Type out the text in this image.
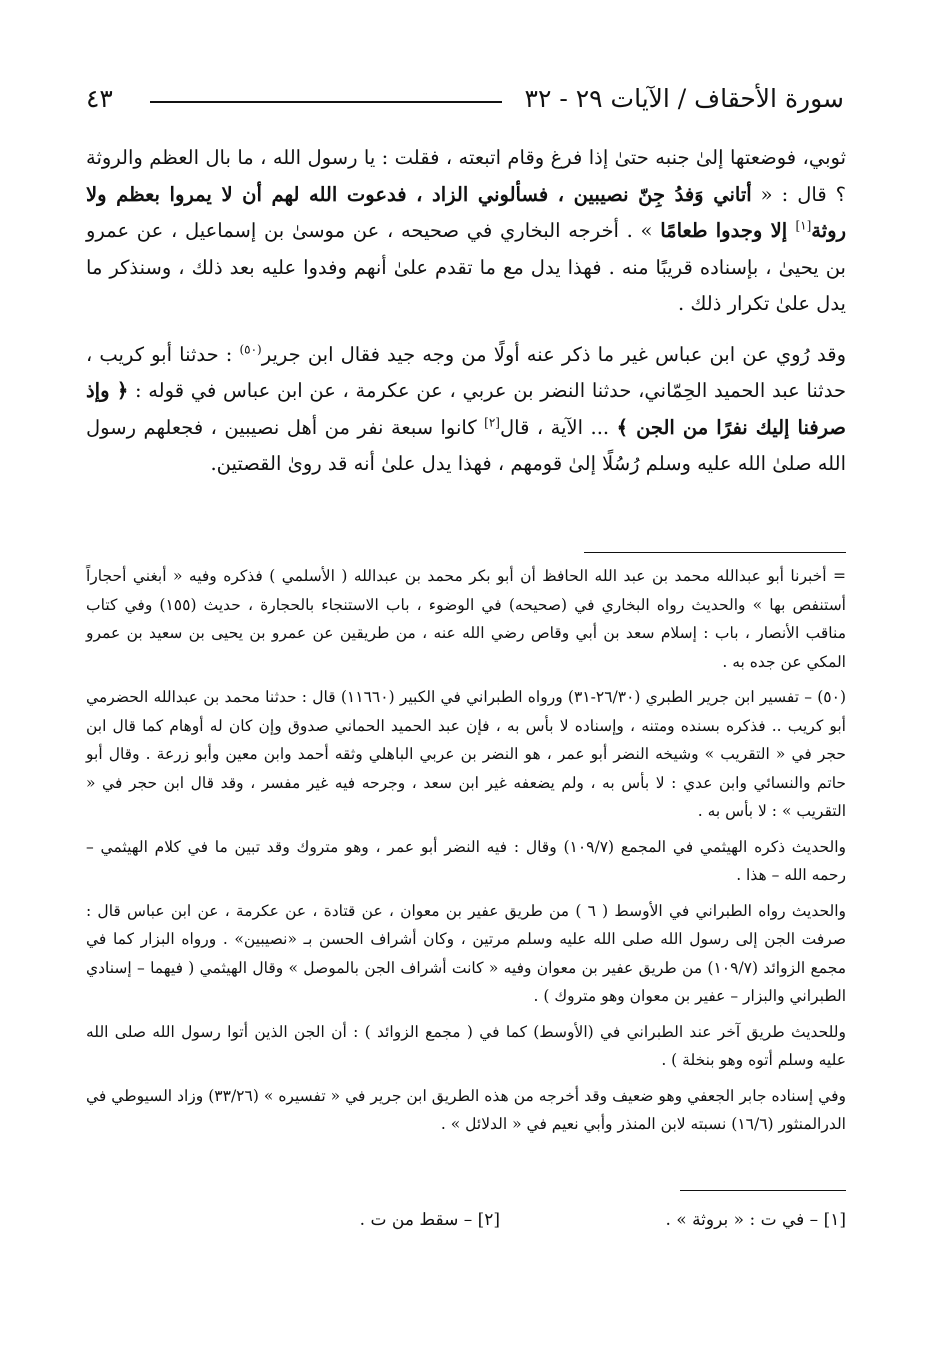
سورة الأحقاف / الآيات ٢٩ - ٣٢
٤٣

ثوبي، فوضعتها إلىٰ جنبه حتىٰ إذا فرغ وقام اتبعته ، فقلت : يا رسول الله ، ما بال العظم والروثة ؟ قال : « أتاني وَفدُ جِنّ نصيبين ، فسألوني الزاد ، فدعوت الله لهم أن لا يمروا بعظم ولا روثة[١] إلا وجدوا طعامًا » . أخرجه البخاري في صحيحه ، عن موسىٰ بن إسماعيل ، عن عمرو بن يحيىٰ ، بإسناده قريبًا منه . فهذا يدل مع ما تقدم علىٰ أنهم وفدوا عليه بعد ذلك ، وسنذكر ما يدل علىٰ تكرار ذلك .

وقد رُوي عن ابن عباس غير ما ذكر عنه أولًا من وجه جيد فقال ابن جرير$^{(٥٠)}$ : حدثنا أبو كريب ، حدثنا عبد الحميد الحِمّاني، حدثنا النضر بن عربي ، عن عكرمة ، عن ابن عباس في قوله : ﴿ وإذ صرفنا إليك نفرًا من الجن ﴾ ... الآية ، قال[٢] كانوا سبعة نفر من أهل نصيبين ، فجعلهم رسول الله صلىٰ الله عليه وسلم رُسُلًا إلىٰ قومهم ، فهذا يدل علىٰ أنه قد روىٰ القصتين.

= أخبرنا أبو عبدالله محمد بن عبد الله الحافظ أن أبو بكر محمد بن عبدالله ( الأسلمي ) فذكره وفيه « أبغني أحجاراً أستنفص بها » والحديث رواه البخاري في (صحيحه) في الوضوء ، باب الاستنجاء بالحجارة ، حديث (١٥٥) وفي كتاب مناقب الأنصار ، باب : إسلام سعد بن أبي وقاص رضي الله عنه ، من طريقين عن عمرو بن يحيى بن سعيد بن عمرو المكي عن جده به .

(٥٠) – تفسير ابن جرير الطبري (٢٦/٣٠-٣١) ورواه الطبراني في الكبير (١١٦٦٠) قال : حدثنا محمد بن عبدالله الحضرمي أبو كريب .. فذكره بسنده ومتنه ، وإسناده لا بأس به ، فإن عبد الحميد الحماني صدوق وإن كان له أوهام كما قال ابن حجر في « التقريب » وشيخه النضر أبو عمر ، هو النضر بن عربي الباهلي وثقه أحمد وابن معين وأبو زرعة . وقال أبو حاتم والنسائي وابن عدي : لا بأس به ، ولم يضعفه غير ابن سعد ، وجرحه فيه غير مفسر ، وقد قال ابن حجر في « التقريب » : لا بأس به .

والحديث ذكره الهيثمي في المجمع (١٠٩/٧) وقال : فيه النضر أبو عمر ، وهو متروك وقد تبين ما في كلام الهيثمي – رحمه الله – هذا .

والحديث رواه الطبراني في الأوسط ( ٦ ) من طريق عفير بن معوان ، عن قتادة ، عن عكرمة ، عن ابن عباس قال : صرفت الجن إلى رسول الله صلى الله عليه وسلم مرتين ، وكان أشراف الحسن بـ «نصيبين» . ورواه البزار كما في مجمع الزوائد (١٠٩/٧) من طريق عفير بن معوان وفيه « كانت أشراف الجن بالموصل » وقال الهيثمي ( فيهما – إسنادي الطبراني والبزار – عفير بن معوان وهو متروك ) .

وللحديث طريق آخر عند الطبراني في (الأوسط) كما في ( مجمع الزوائد ) : أن الجن الذين أتوا رسول الله صلى الله عليه وسلم أتوه وهو بنخلة ) .

وفي إسناده جابر الجعفي وهو ضعيف وقد أخرجه من هذه الطريق ابن جرير في « تفسيره » (٣٣/٢٦) وزاد السيوطي في الدرالمنثور (١٦/٦) نسبته لابن المنذر وأبي نعيم في « الدلائل » .

[١] – في ت : « بروثة » . [٢] – سقط من ت .
